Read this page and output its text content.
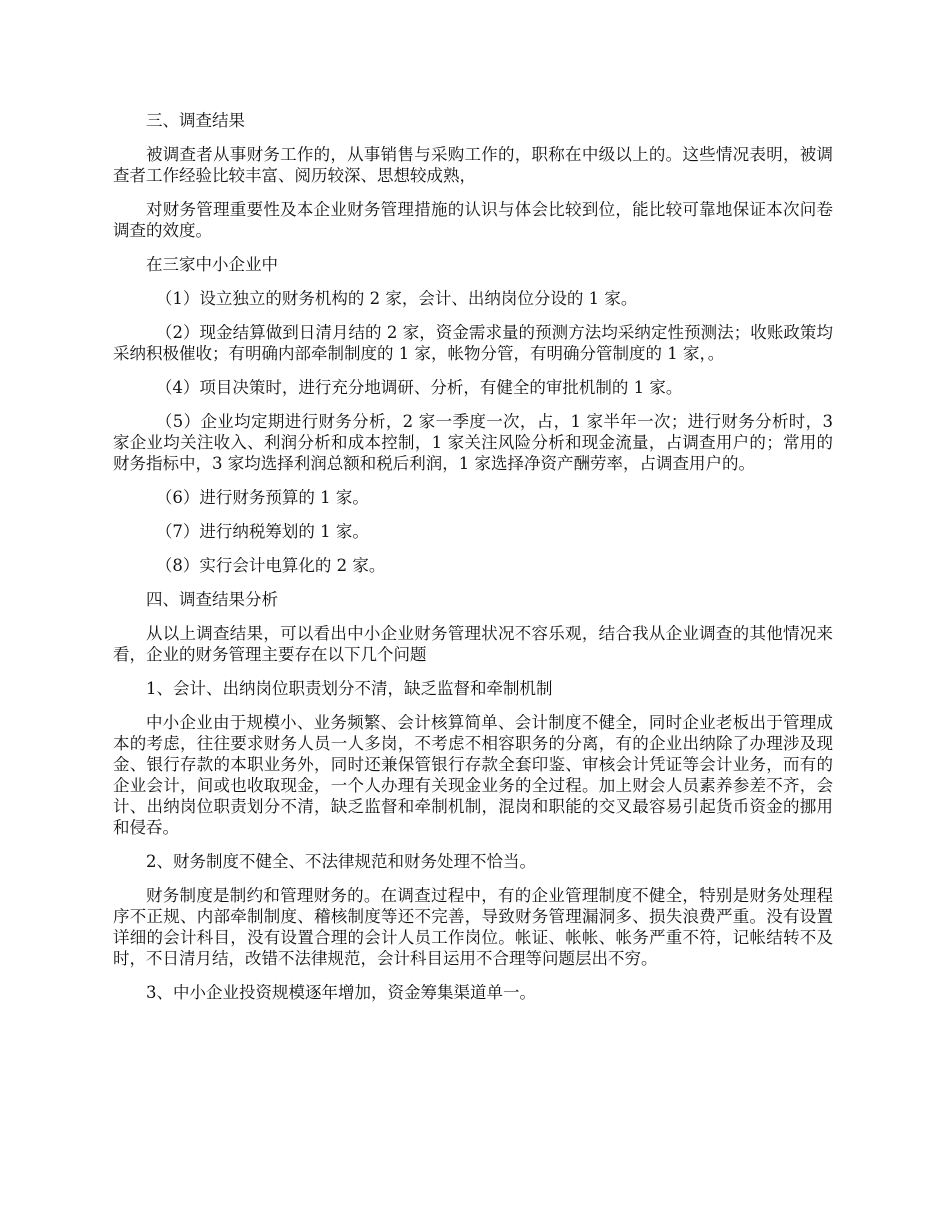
三、调查结果

被调查者从事财务工作的，从事销售与采购工作的，职称在中级以上的。这些情况表明，被调查者工作经验比较丰富、阅历较深、思想较成熟，

对财务管理重要性及本企业财务管理措施的认识与体会比较到位，能比较可靠地保证本次问卷调查的效度。

在三家中小企业中

（1）设立独立的财务机构的 2 家，会计、出纳岗位分设的 1 家。

（2）现金结算做到日清月结的 2 家，资金需求量的预测方法均采纳定性预测法；收账政策均采纳积极催收；有明确内部牵制制度的 1 家，帐物分管，有明确分管制度的 1 家，。

（4）项目决策时，进行充分地调研、分析，有健全的审批机制的 1 家。

（5）企业均定期进行财务分析，2 家一季度一次，占，1 家半年一次；进行财务分析时，3 家企业均关注收入、利润分析和成本控制，1 家关注风险分析和现金流量，占调查用户的；常用的财务指标中，3 家均选择利润总额和税后利润，1 家选择净资产酬劳率，占调查用户的。

（6）进行财务预算的 1 家。

（7）进行纳税筹划的 1 家。

（8）实行会计电算化的 2 家。

四、调查结果分析

从以上调查结果，可以看出中小企业财务管理状况不容乐观，结合我从企业调查的其他情况来看，企业的财务管理主要存在以下几个问题

1、会计、出纳岗位职责划分不清，缺乏监督和牵制机制

中小企业由于规模小、业务频繁、会计核算简单、会计制度不健全，同时企业老板出于管理成本的考虑，往往要求财务人员一人多岗，不考虑不相容职务的分离，有的企业出纳除了办理涉及现金、银行存款的本职业务外，同时还兼保管银行存款全套印鉴、审核会计凭证等会计业务，而有的企业会计，间或也收取现金，一个人办理有关现金业务的全过程。加上财会人员素养参差不齐，会计、出纳岗位职责划分不清，缺乏监督和牵制机制，混岗和职能的交叉最容易引起货币资金的挪用和侵吞。

2、财务制度不健全、不法律规范和财务处理不恰当。

财务制度是制约和管理财务的。在调查过程中，有的企业管理制度不健全，特别是财务处理程序不正规、内部牵制制度、稽核制度等还不完善，导致财务管理漏洞多、损失浪费严重。没有设置详细的会计科目，没有设置合理的会计人员工作岗位。帐证、帐帐、帐务严重不符，记帐结转不及时，不日清月结，改错不法律规范，会计科目运用不合理等问题层出不穷。

3、中小企业投资规模逐年增加，资金筹集渠道单一。
